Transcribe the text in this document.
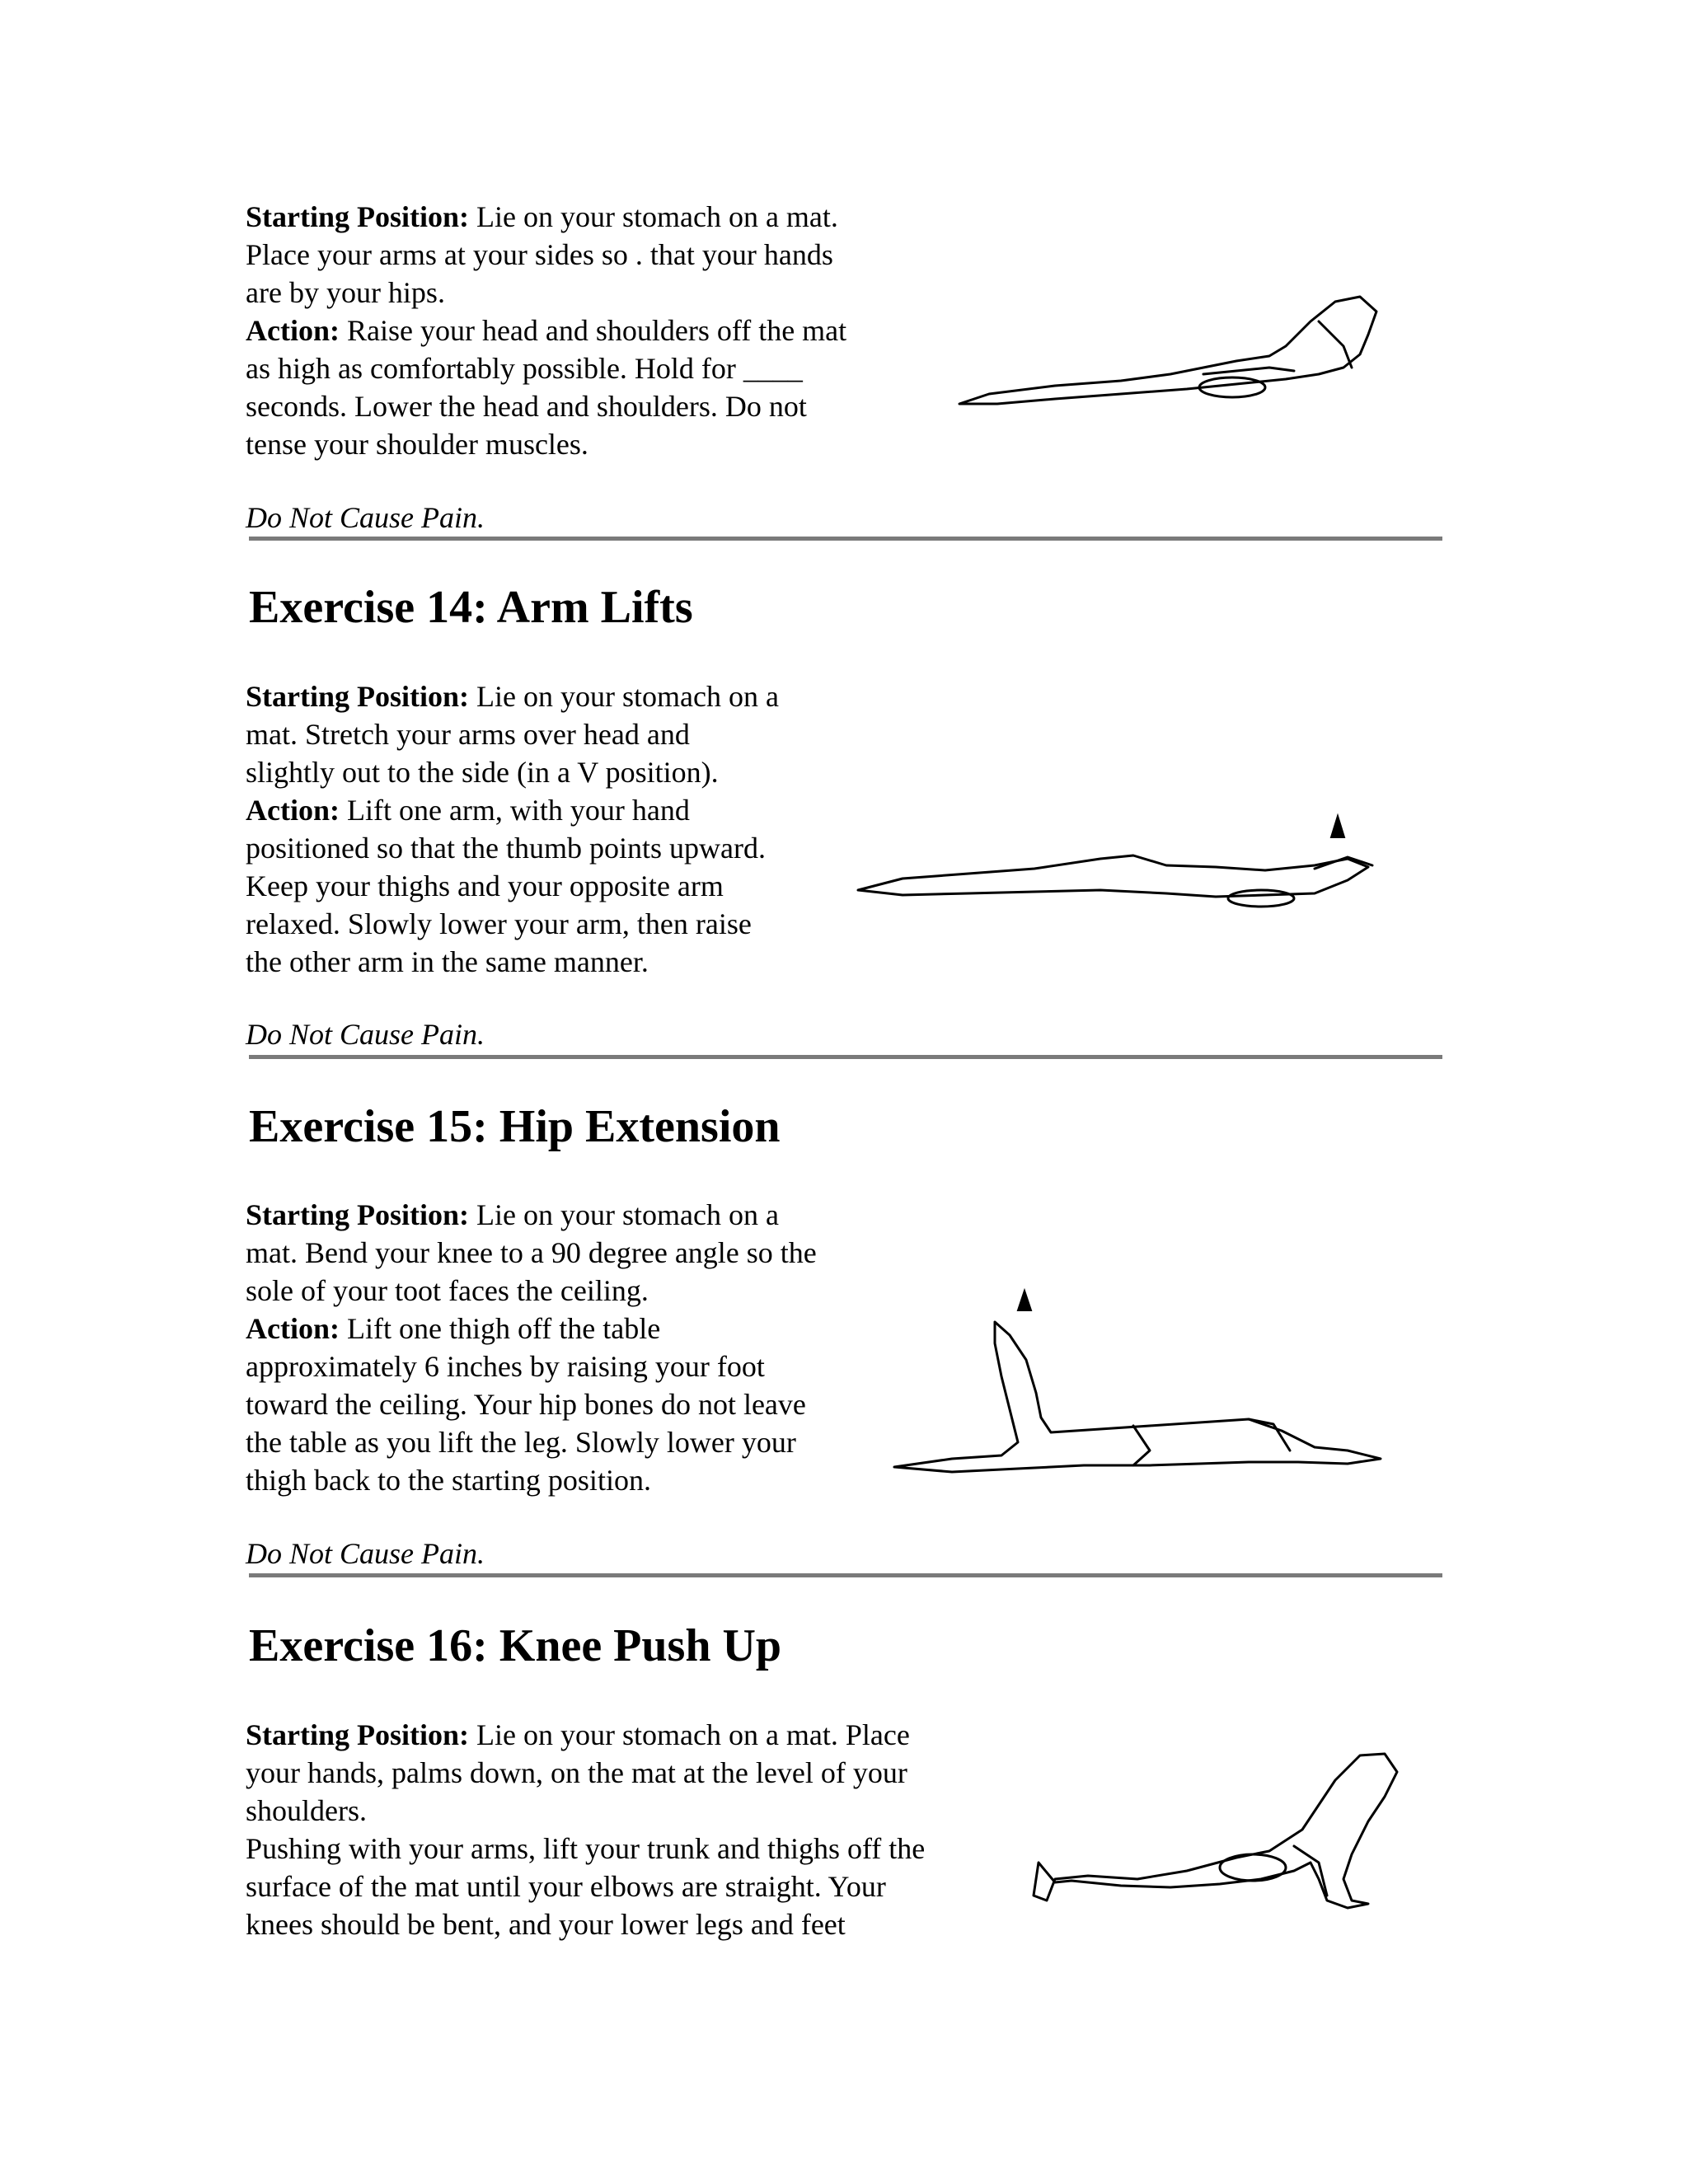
Starting Position: Lie on your stomach on a mat.
Place your arms at your sides so . that your hands
are by your hips.
Action: Raise your head and shoulders off the mat
as high as comfortably possible. Hold for ____
seconds. Lower the head and shoulders. Do not
tense your shoulder muscles.

Do Not Cause Pain.

Exercise 14: Arm Lifts

Starting Position: Lie on your stomach on a
mat. Stretch your arms over head and
slightly out to the side (in a V position).
Action: Lift one arm, with your hand
positioned so that the thumb points upward.
Keep your thighs and your opposite arm
relaxed. Slowly lower your arm, then raise
the other arm in the same manner.

Do Not Cause Pain.

Exercise 15: Hip Extension

Starting Position: Lie on your stomach on a
mat. Bend your knee to a 90 degree angle so the
sole of your toot faces the ceiling.
Action: Lift one thigh off the table
approximately 6 inches by raising your foot
toward the ceiling. Your hip bones do not leave
the table as you lift the leg. Slowly lower your
thigh back to the starting position.

Do Not Cause Pain.

Exercise 16: Knee Push Up

Starting Position: Lie on your stomach on a mat. Place
your hands, palms down, on the mat at the level of your
shoulders.
Pushing with your arms, lift your trunk and thighs off the
surface of the mat until your elbows are straight. Your
knees should be bent, and your lower legs and feet
